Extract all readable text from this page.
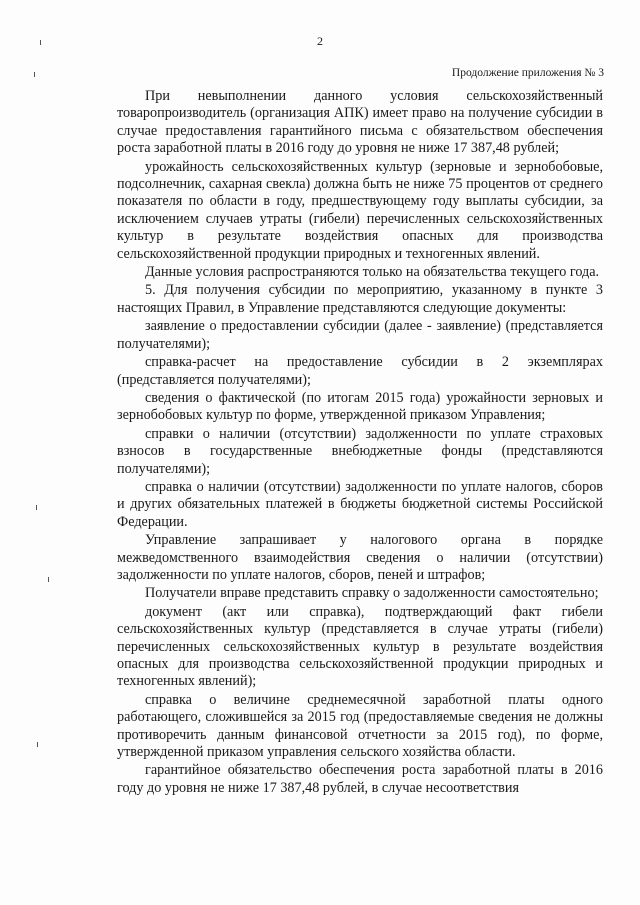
2
Продолжение приложения № 3

При невыполнении данного условия сельскохозяйственный товаропроизводитель (организация АПК) имеет право на получение субсидии в случае предоставления гарантийного письма с обязательством обеспечения роста заработной платы в 2016 году до уровня не ниже 17 387,48 рублей;

урожайность сельскохозяйственных культур (зерновые и зернобобовые, подсолнечник, сахарная свекла) должна быть не ниже 75 процентов от среднего показателя по области в году, предшествующему году выплаты субсидии, за исключением случаев утраты (гибели) перечисленных сельскохозяйственных культур в результате воздействия опасных для производства сельскохозяйственной продукции природных и техногенных явлений.

Данные условия распространяются только на обязательства текущего года.

5. Для получения субсидии по мероприятию, указанному в пункте 3 настоящих Правил, в Управление представляются следующие документы:

заявление о предоставлении субсидии (далее - заявление) (представляется получателями);

справка-расчет на предоставление субсидии в 2 экземплярах (представляется получателями);

сведения о фактической (по итогам 2015 года) урожайности зерновых и зернобобовых культур по форме, утвержденной приказом Управления;

справки о наличии (отсутствии) задолженности по уплате страховых взносов в государственные внебюджетные фонды (представляются получателями);

справка о наличии (отсутствии) задолженности по уплате налогов, сборов и других обязательных платежей в бюджеты бюджетной системы Российской Федерации.

Управление запрашивает у налогового органа в порядке межведомственного взаимодействия сведения о наличии (отсутствии) задолженности по уплате налогов, сборов, пеней и штрафов;

Получатели вправе представить справку о задолженности самостоятельно;

документ (акт или справка), подтверждающий факт гибели сельскохозяйственных культур (представляется в случае утраты (гибели) перечисленных сельскохозяйственных культур в результате воздействия опасных для производства сельскохозяйственной продукции природных и техногенных явлений);

справка о величине среднемесячной заработной платы одного работающего, сложившейся за 2015 год (предоставляемые сведения не должны противоречить данным финансовой отчетности за 2015 год), по форме, утвержденной приказом управления сельского хозяйства области.

гарантийное обязательство обеспечения роста заработной платы в 2016 году до уровня не ниже 17 387,48 рублей, в случае несоответствия
